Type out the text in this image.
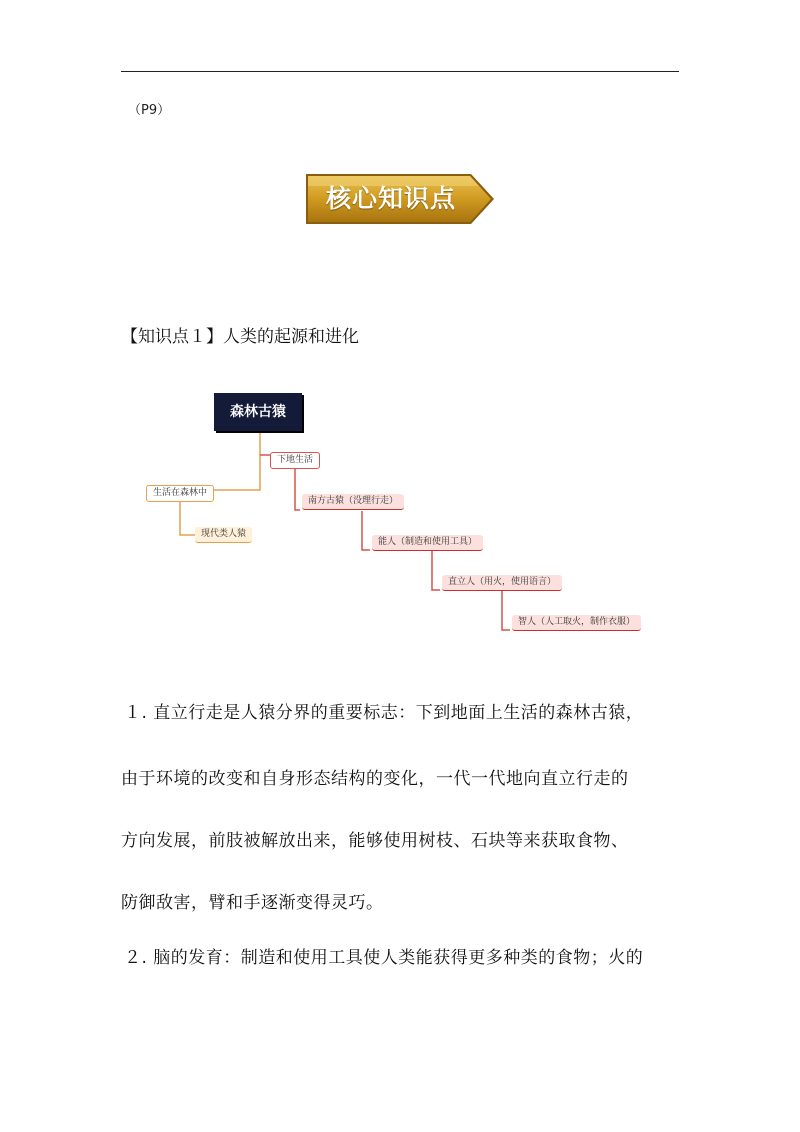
（P9）
核心知识点
【知识点１】人类的起源和进化
森林古猿
下地生活
生活在森林中
现代类人猿
南方古猿（没理行走）
能人（制造和使用工具）
直立人（用火，使用语言）
智人（人工取火，制作衣服）
１. 直立行走是人猿分界的重要标志：下到地面上生活的森林古猿，
由于环境的改变和自身形态结构的变化，一代一代地向直立行走的
方向发展，前肢被解放出来，能够使用树枝、石块等来获取食物、
防御敌害，臂和手逐渐变得灵巧。
２. 脑的发育：制造和使用工具使人类能获得更多种类的食物；火的
